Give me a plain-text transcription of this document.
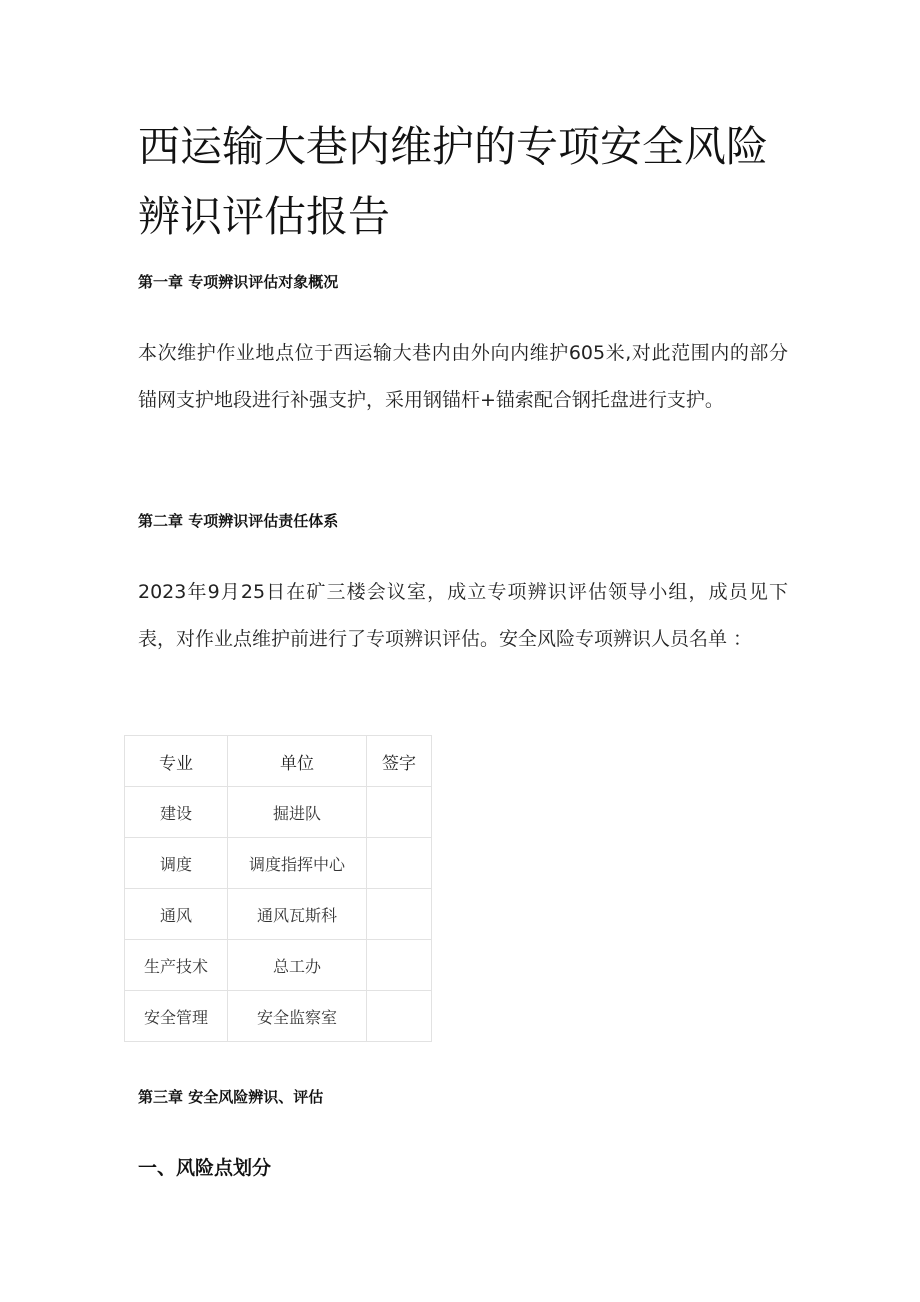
西运输大巷内维护的专项安全风险辨识评估报告
第一章 专项辨识评估对象概况

本次维护作业地点位于西运输大巷内由外向内维护605米,对此范围内的部分锚网支护地段进行补强支护，采用钢锚杆+锚索配合钢托盘进行支护。

第二章 专项辨识评估责任体系

2023年9月25日在矿三楼会议室，成立专项辨识评估领导小组，成员见下表，对作业点维护前进行了专项辨识评估。安全风险专项辨识人员名单 ：

专业	单位	签字
建设	掘进队	
调度	调度指挥中心	
通风	通风瓦斯科	
生产技术	总工办	
安全管理	安全监察室	
第三章 安全风险辨识、评估
一、风险点划分
